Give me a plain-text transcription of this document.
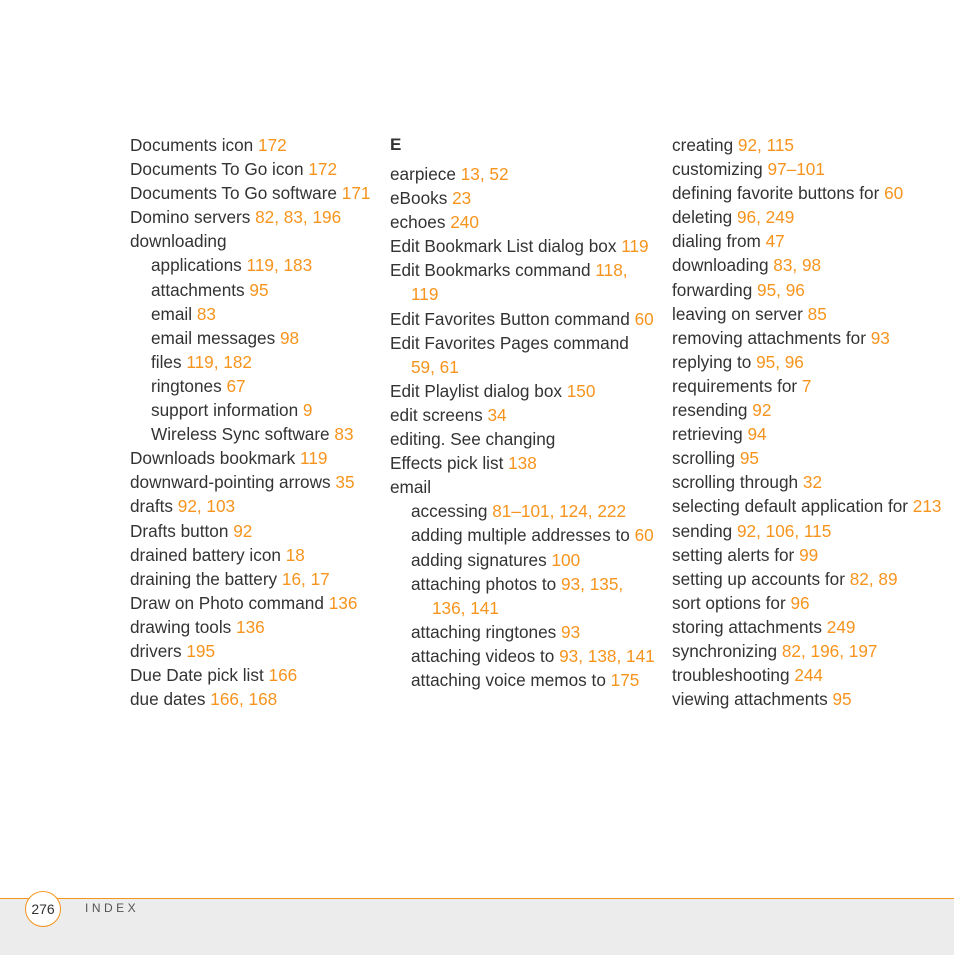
Documents icon 172
Documents To Go icon 172
Documents To Go software 171
Domino servers 82, 83, 196
downloading
applications 119, 183
attachments 95
email 83
email messages 98
files 119, 182
ringtones 67
support information 9
Wireless Sync software 83
Downloads bookmark 119
downward-pointing arrows 35
drafts 92, 103
Drafts button 92
drained battery icon 18
draining the battery 16, 17
Draw on Photo command 136
drawing tools 136
drivers 195
Due Date pick list 166
due dates 166, 168
E
earpiece 13, 52
eBooks 23
echoes 240
Edit Bookmark List dialog box 119
Edit Bookmarks command 118, 119
Edit Favorites Button command 60
Edit Favorites Pages command 59, 61
Edit Playlist dialog box 150
edit screens 34
editing. See changing
Effects pick list 138
email
accessing 81–101, 124, 222
adding multiple addresses to 60
adding signatures 100
attaching photos to 93, 135, 136, 141
attaching ringtones 93
attaching videos to 93, 138, 141
attaching voice memos to 175
creating 92, 115
customizing 97–101
defining favorite buttons for 60
deleting 96, 249
dialing from 47
downloading 83, 98
forwarding 95, 96
leaving on server 85
removing attachments for 93
replying to 95, 96
requirements for 7
resending 92
retrieving 94
scrolling 95
scrolling through 32
selecting default application for 213
sending 92, 106, 115
setting alerts for 99
setting up accounts for 82, 89
sort options for 96
storing attachments 249
synchronizing 82, 196, 197
troubleshooting 244
viewing attachments 95
276	INDEX
